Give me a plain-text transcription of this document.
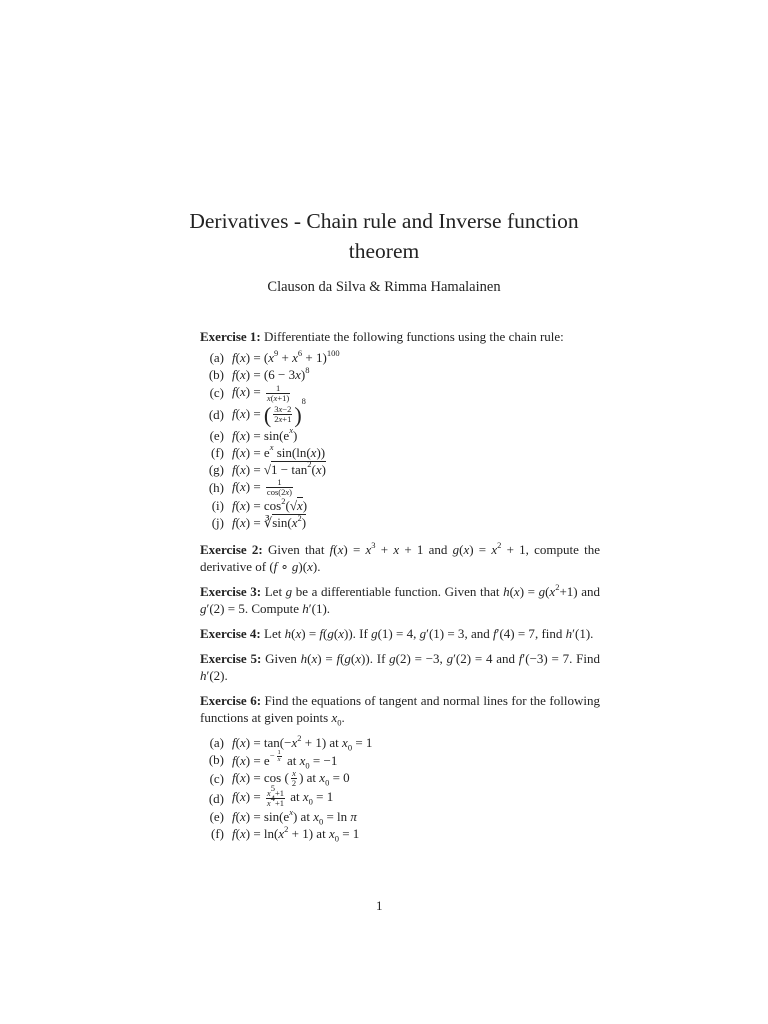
Derivatives - Chain rule and Inverse function
theorem
Clauson da Silva & Rimma Hamalainen

Exercise 1: Differentiate the following functions using the chain rule:

(a) $f(x) = (x^9 + x^6 + 1)^{100}$
(b) $f(x) = (6 - 3x)^8$
(c) $f(x) = \frac{1}{x(x+1)}$
(d) f(x) = ( $\frac{3x-2}{2x+1} )^8$
(e) $f(x) = \sin(e^x)$
(f) $f(x) = e^x$ sin(ln(x))
(g) $f(x) = √1 - \tan^2(x)$
(h) $f(x) = \frac{1}{\cos(2x)}$
(i) $f(x) = \cos^2(√x)$
(j) $f(x) = ∛\sin(x^2)$

Exercise 2: Given that $f(x) = x^3 + x + 1$ and $g(x) = x^2 + 1$, compute the derivative of (f ∘ g)(x).

Exercise 3: Let g be a differentiable function. Given that $h(x) = g(x^2+1)$ and g′(2) = 5. Compute h′(1).

Exercise 4: Let h(x) = f(g(x)). If g(1) = 4, g′(1) = 3, and f′(4) = 7, find h′(1).

Exercise 5: Given h(x) = f(g(x)). If g(2) = −3, g′(2) = 4 and f′(−3) = 7. Find h′(2).

Exercise 6: Find the equations of tangent and normal lines for the following functions at given points $x_0$.

(a) $f(x) = \tan(-x^2 + 1)$ at $x_0 = 1$
(b) $f(x) = e^{- \frac{1}{x}}$ at $x_0 = -1$
(c) f(x) = cos ( $\frac{x}{2}$ ) at $x_0 = 0$
(d) $f(x) = \frac{x^5+1}{x^4+1}$ at $x_0 = 1$
(e) $f(x) = \sin(e^x)$ at $x_0 = \ln \pi$
(f) $f(x) = \ln(x^2 + 1)$ at $x_0 = 1$
1
